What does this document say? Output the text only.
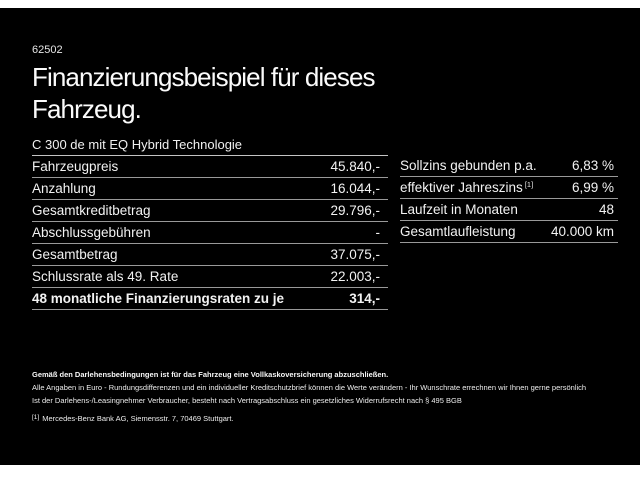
62502
Finanzierungsbeispiel für dieses
Fahrzeug.
C 300 de mit EQ Hybrid Technologie
Fahrzeugpreis	45.840,-
Anzahlung	16.044,-
Gesamtkreditbetrag	29.796,-
Abschlussgebühren	-
Gesamtbetrag	37.075,-
Schlussrate als 49. Rate	22.003,-
48 monatliche Finanzierungsraten zu je	314,-
Sollzins gebunden p.a.	6,83 %
effektiver Jahreszins [1]	6,99 %
Laufzeit in Monaten	48
Gesamtlaufleistung	40.000 km
Gemäß den Darlehensbedingungen ist für das Fahrzeug eine Vollkaskoversicherung abzuschließen.
Alle Angaben in Euro - Rundungsdifferenzen und ein individueller Kreditschutzbrief können die Werte verändern - Ihr Wunschrate errechnen wir Ihnen gerne persönlich
Ist der Darlehens-/Leasingnehmer Verbraucher, besteht nach Vertragsabschluss ein gesetzliches Widerrufsrecht nach § 495 BGB
[1] Mercedes-Benz Bank AG, Siemensstr. 7, 70469 Stuttgart.
